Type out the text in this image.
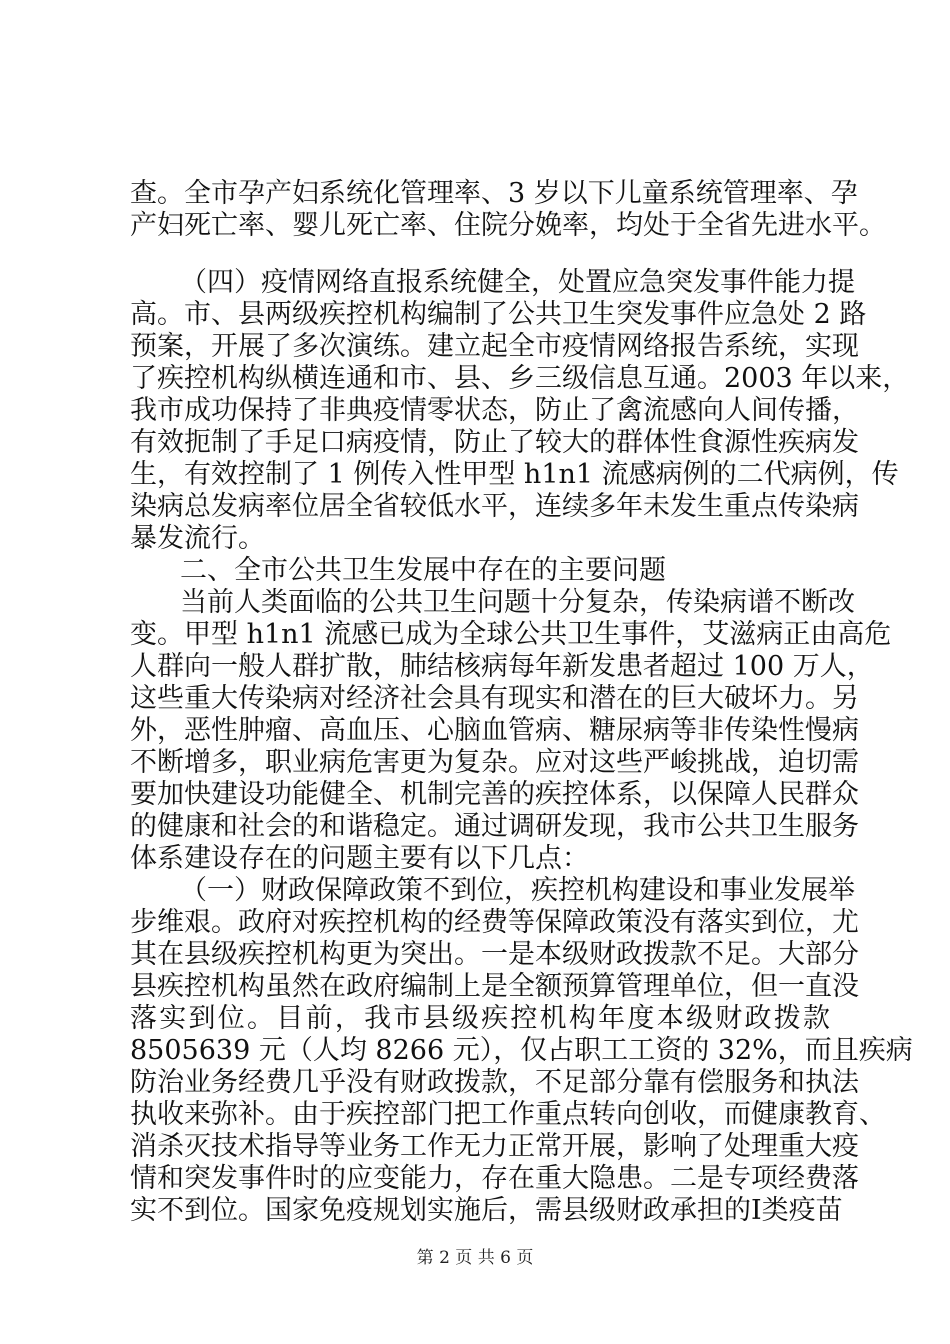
查。全市孕产妇系统化管理率、3 岁以下儿童系统管理率、孕
产妇死亡率、婴儿死亡率、住院分娩率，均处于全省先进水平。
（四）疫情网络直报系统健全，处置应急突发事件能力提
高。市、县两级疾控机构编制了公共卫生突发事件应急处 2 路
预案，开展了多次演练。建立起全市疫情网络报告系统，实现
了疾控机构纵横连通和市、县、乡三级信息互通。2003 年以来，
我市成功保持了非典疫情零状态，防止了禽流感向人间传播，
有效扼制了手足口病疫情，防止了较大的群体性食源性疾病发
生，有效控制了 1 例传入性甲型 h1n1 流感病例的二代病例，传
染病总发病率位居全省较低水平，连续多年未发生重点传染病
暴发流行。
二、全市公共卫生发展中存在的主要问题
当前人类面临的公共卫生问题十分复杂，传染病谱不断改
变。甲型 h1n1 流感已成为全球公共卫生事件，艾滋病正由高危
人群向一般人群扩散，肺结核病每年新发患者超过 100 万人，
这些重大传染病对经济社会具有现实和潜在的巨大破坏力。另
外，恶性肿瘤、高血压、心脑血管病、糖尿病等非传染性慢病
不断增多，职业病危害更为复杂。应对这些严峻挑战，迫切需
要加快建设功能健全、机制完善的疾控体系，以保障人民群众
的健康和社会的和谐稳定。通过调研发现，我市公共卫生服务
体系建设存在的问题主要有以下几点：
（一）财政保障政策不到位，疾控机构建设和事业发展举
步维艰。政府对疾控机构的经费等保障政策没有落实到位，尤
其在县级疾控机构更为突出。一是本级财政拨款不足。大部分
县疾控机构虽然在政府编制上是全额预算管理单位，但一直没
落实到位。目前，我市县级疾控机构年度本级财政拨款
8505639 元（人均 8266 元），仅占职工工资的 32%，而且疾病
防治业务经费几乎没有财政拨款，不足部分靠有偿服务和执法
执收来弥补。由于疾控部门把工作重点转向创收，而健康教育、
消杀灭技术指导等业务工作无力正常开展，影响了处理重大疫
情和突发事件时的应变能力，存在重大隐患。二是专项经费落
实不到位。国家免疫规划实施后，需县级财政承担的Ⅰ类疫苗
第 2 页 共 6 页
